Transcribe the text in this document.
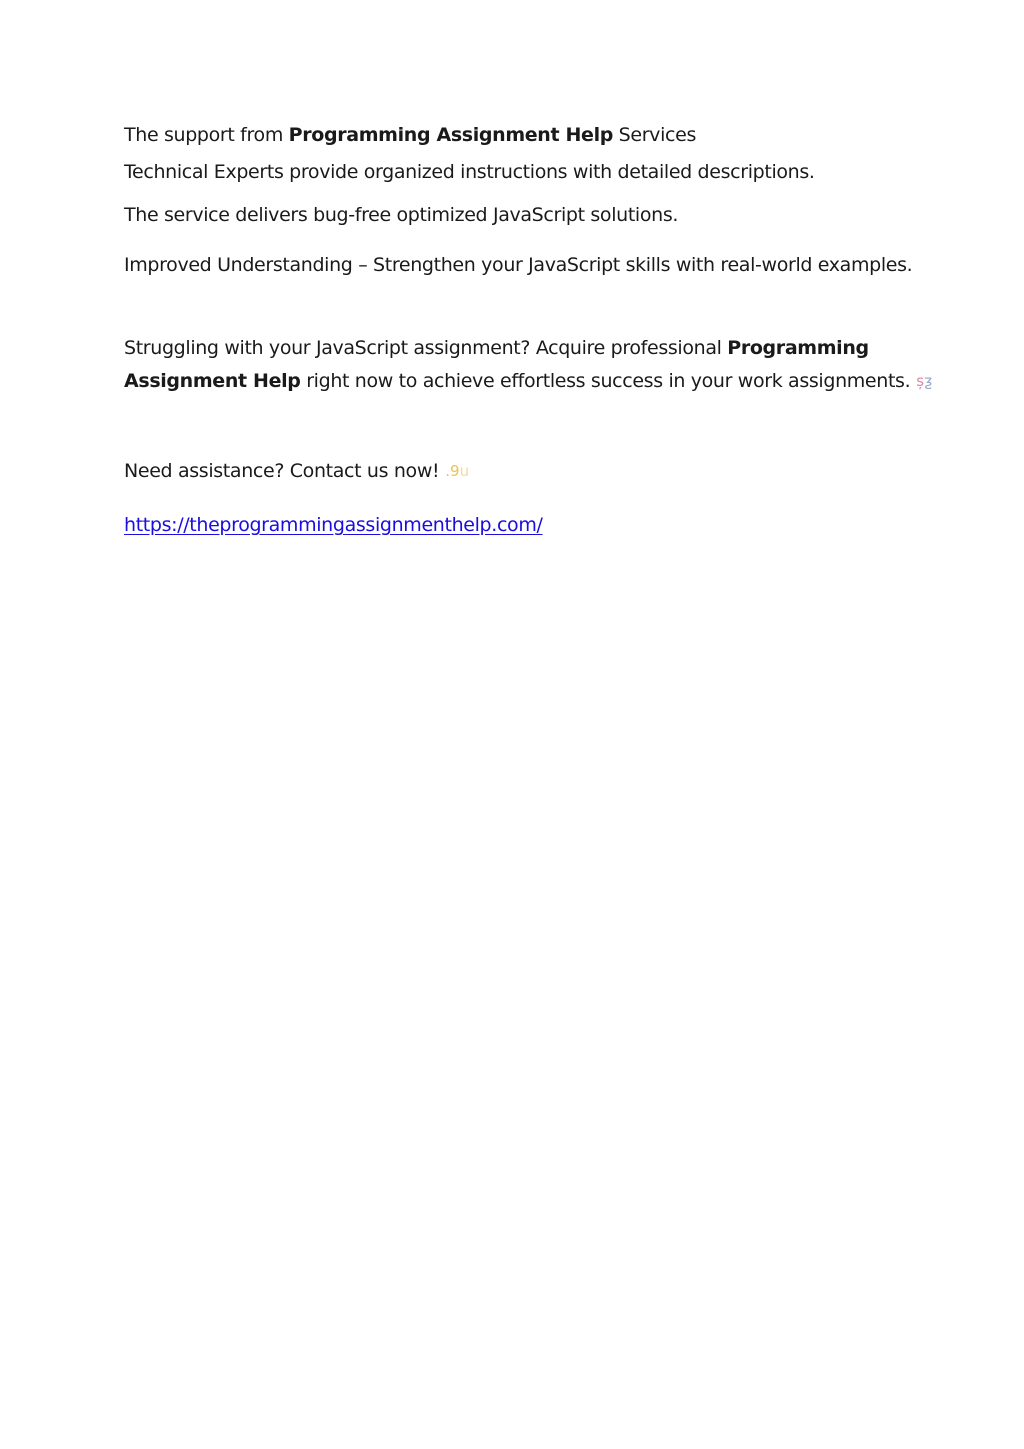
The support from Programming Assignment Help Services
Technical Experts provide organized instructions with detailed descriptions.
The service delivers bug-free optimized JavaScript solutions.
Improved Understanding – Strengthen your JavaScript skills with real-world examples.
Struggling with your JavaScript assignment? Acquire professional Programming
Assignment Help right now to achieve effortless success in your work assignments. șƺ
Need assistance? Contact us now! .9u
https://theprogrammingassignmenthelp.com/
